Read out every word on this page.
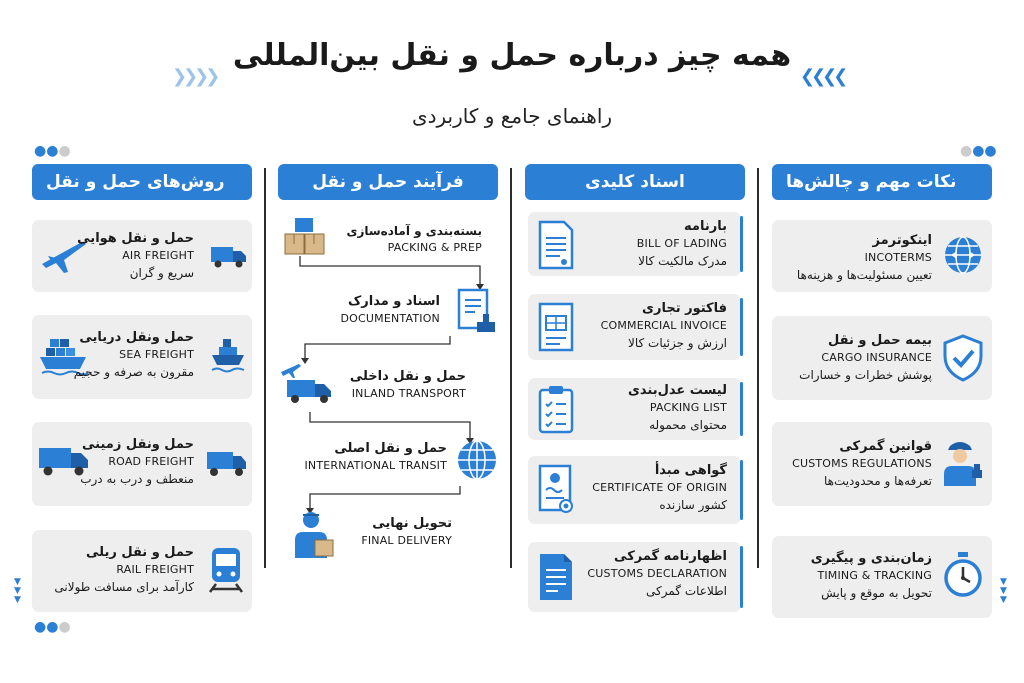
همه چیز درباره حمل و نقل بین‌المللی
راهنمای جامع و کاربردی
❯❯❯❯	❮❮❮❮
●●●	●●●
●●●
▼
▼
▼
▼
▼
▼
روش‌های حمل و نقل
حمل و نقل هوایی
AIR FREIGHT
سریع و گران
حمل ونقل دریایی
SEA FREIGHT
مقرون به صرفه و حجیم
حمل ونقل زمینی
ROAD FREIGHT
منعطف و درب به درب
حمل و نقل ریلی
RAIL FREIGHT
کارآمد برای مسافت طولانی
فرآیند حمل و نقل
بسته‌بندی و آماده‌سازی
PACKING & PREP
اسناد و مدارک
DOCUMENTATION
حمل و نقل داخلی
INLAND TRANSPORT
حمل و نقل اصلی
INTERNATIONAL TRANSIT
تحویل نهایی
FINAL DELIVERY
اسناد کلیدی
بارنامه
BILL OF LADING
مدرک مالکیت کالا
فاکتور تجاری
COMMERCIAL INVOICE
ارزش و جزئیات کالا
لیست عدل‌بندی
PACKING LIST
محتوای محموله
گواهی مبدأ
CERTIFICATE OF ORIGIN
کشور سازنده
اظهارنامه گمرکی
CUSTOMS DECLARATION
اطلاعات گمرکی
نکات مهم و چالش‌ها
اینکوترمز
INCOTERMS
تعیین مسئولیت‌ها و هزینه‌ها
بیمه حمل و نقل
CARGO INSURANCE
پوشش خطرات و خسارات
قوانین گمرکی
CUSTOMS REGULATIONS
تعرفه‌ها و محدودیت‌ها
زمان‌بندی و پیگیری
TIMING & TRACKING
تحویل به موقع و پایش
